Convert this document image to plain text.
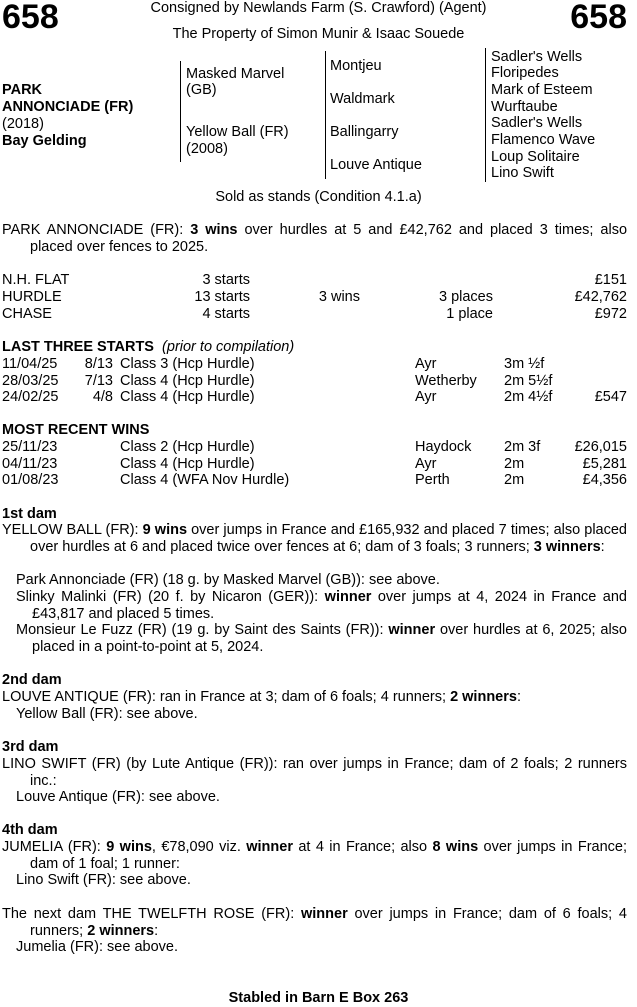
658	658
Consigned by Newlands Farm (S. Crawford) (Agent)
The Property of Simon Munir & Isaac Souede
PARK
ANNONCIADE (FR)
(2018)
Bay Gelding
Masked Marvel
(GB)
Yellow Ball (FR)
(2008)
Montjeu
Waldmark
Ballingarry
Louve Antique
Sadler's Wells
Floripedes
Mark of Esteem
Wurftaube
Sadler's Wells
Flamenco Wave
Loup Solitaire
Lino Swift
Sold as stands (Condition 4.1.a)
PARK ANNONCIADE (FR): 3 wins over hurdles at 5 and £42,762 and placed 3 times; also placed over fences to 2025.
N.H. FLAT	3 starts	£151
HURDLE	13 starts	3 wins	3 places	£42,762
CHASE	4 starts	1 place	£972
LAST THREE STARTS (prior to compilation)
11/04/25 8/13 Class 3 (Hcp Hurdle)	Ayr	3m ½f
28/03/25 7/13 Class 4 (Hcp Hurdle)	Wetherby 2m 5½f
24/02/25 4/8 Class 4 (Hcp Hurdle)	Ayr	2m 4½f	£547
MOST RECENT WINS
25/11/23	Class 2 (Hcp Hurdle)	Haydock 2m 3f £26,015
04/11/23	Class 4 (Hcp Hurdle)	Ayr	2m	£5,281
01/08/23	Class 4 (WFA Nov Hurdle)	Perth	2m	£4,356
1st dam
YELLOW BALL (FR): 9 wins over jumps in France and £165,932 and placed 7 times; also placed over hurdles at 6 and placed twice over fences at 6; dam of 3 foals; 3 runners; 3 winners:
Park Annonciade (FR) (18 g. by Masked Marvel (GB)): see above.
Slinky Malinki (FR) (20 f. by Nicaron (GER)): winner over jumps at 4, 2024 in France and £43,817 and placed 5 times.
Monsieur Le Fuzz (FR) (19 g. by Saint des Saints (FR)): winner over hurdles at 6, 2025; also placed in a point-to-point at 5, 2024.
2nd dam
LOUVE ANTIQUE (FR): ran in France at 3; dam of 6 foals; 4 runners; 2 winners:
Yellow Ball (FR): see above.
3rd dam
LINO SWIFT (FR) (by Lute Antique (FR)): ran over jumps in France; dam of 2 foals; 2 runners inc.:
Louve Antique (FR): see above.
4th dam
JUMELIA (FR): 9 wins, €78,090 viz. winner at 4 in France; also 8 wins over jumps in France; dam of 1 foal; 1 runner:
Lino Swift (FR): see above.
The next dam THE TWELFTH ROSE (FR): winner over jumps in France; dam of 6 foals; 4 runners; 2 winners:
Jumelia (FR): see above.
Stabled in Barn E Box 263
